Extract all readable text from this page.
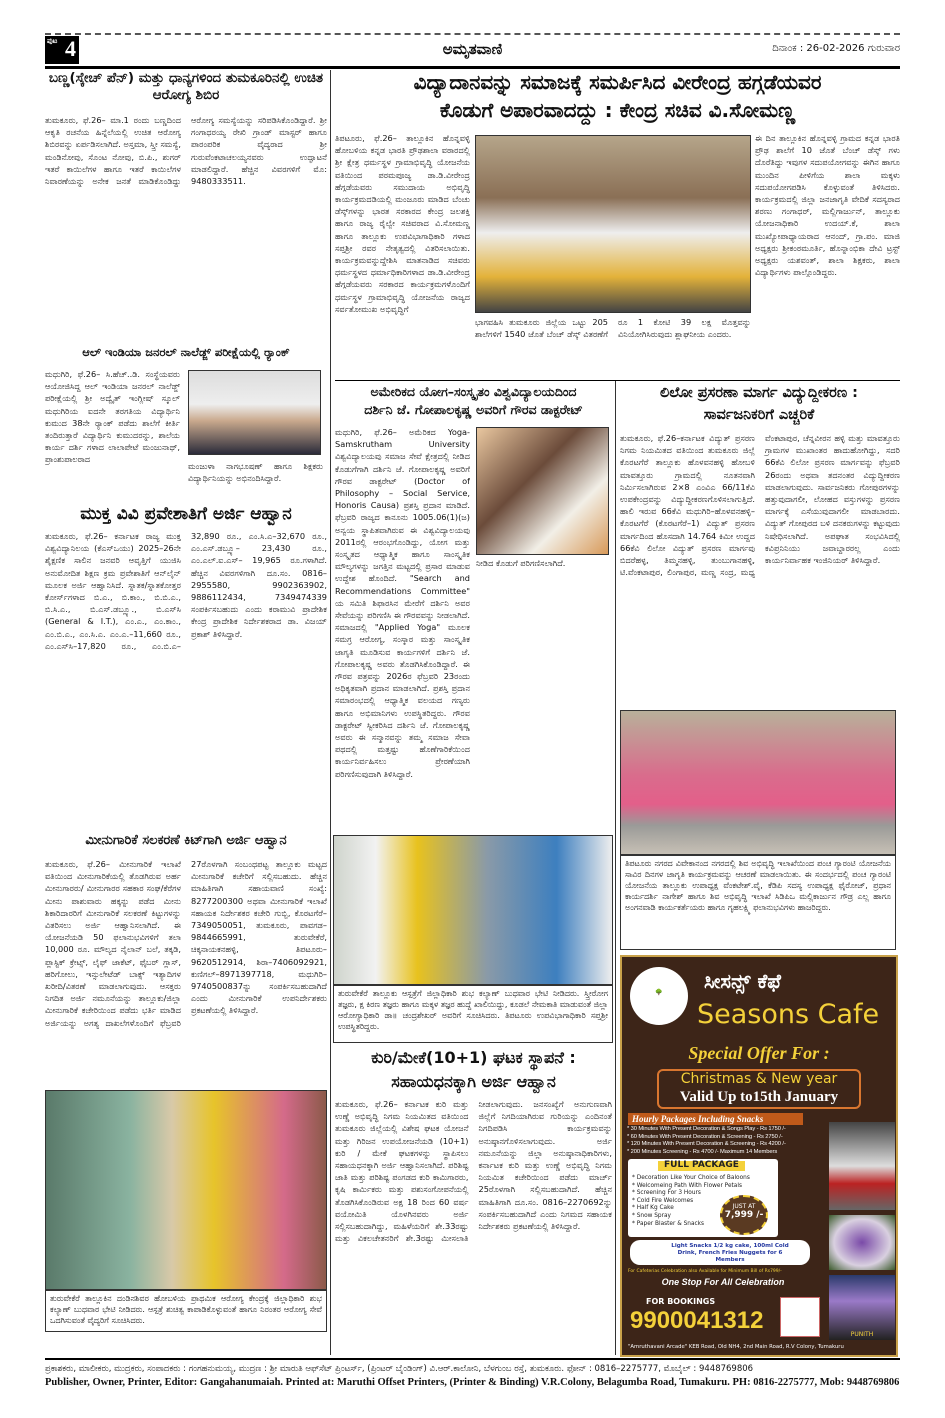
ಪುಟ 4	ಅಮೃತವಾಣಿ	ದಿನಾಂಕ : 26-02-2026 ಗುರುವಾರ
ಬಣ್ಣ(ಸ್ಕೇಚ್ ಪೆನ್) ಮತ್ತು ಧಾನ್ಯಗಳಿಂದ ತುಮಕೂರಿನಲ್ಲಿ ಉಚಿತ ಆರೋಗ್ಯ ಶಿಬಿರ
ತುಮಕೂರು, ಫೆ.26– ಮಾ.1 ರಂದು ಬಣ್ಣದಿಂದ ಆಕೃತಿ ರಚನೆಯ ಹಿನ್ನೆಲೆಯಲ್ಲಿ ಉಚಿತ ಆರೋಗ್ಯ ಶಿಬಿರವನ್ನು ಏರ್ಪಡಿಸಲಾಗಿದೆ. ಅಸ್ತಮಾ, ಸ್ತ್ರೀ ಸಮಸ್ಯೆ, ಮಂಡಿನೋವು, ಸೊಂಟ ನೋವು, ಬಿ.ಪಿ., ಶುಗರ್ ಇತರೆ ಕಾಯಿಲೆಗಳ ಹಾಗೂ ಇತರೆ ಕಾಯಿಲೆಗಳ ನಿವಾರಣೆಯನ್ನು ಅನೇಕ ಜನತೆ ಮಾಡಿಕೊಂಡಿದ್ದು ಆರೋಗ್ಯ ಸಮಸ್ಯೆಯನ್ನು ಸರಿಪಡಿಸಿಕೊಂಡಿದ್ದಾರೆ. ಶ್ರೀ ಗಂಗಾಧರಯ್ಯ ರೇಖಿ ಗ್ರಾಂಡ್ ಮಾಸ್ಟರ್ ಹಾಗೂ ಪಾರಂಪರಿಕ ವೈದ್ಯರಾದ ಶ್ರೀ ಗುರುವೆಂಕಟಾಚಲಯ್ಯನವರು ಉದ್ಘಾಟನೆ ಮಾಡಲಿದ್ದಾರೆ. ಹೆಚ್ಚಿನ ವಿವರಗಳಿಗೆ ಮೊ: 9480333511.
ಆಲ್ ಇಂಡಿಯಾ ಜನರಲ್ ನಾಲೆಡ್ಜ್ ಪರೀಕ್ಷೆಯಲ್ಲಿ ರ್‍ಯಾಂಕ್
ಮಧುಗಿರಿ, ಫೆ.26– ಸಿ.ಹೆಚ್..ಡಿ. ಸಂಸ್ಥೆಯವರು ಆಯೋಜಿಸಿದ್ದ ಆಲ್ ಇಂಡಿಯಾ ಜನರಲ್ ನಾಲೆಡ್ಜ್ ಪರೀಕ್ಷೆಯಲ್ಲಿ ಶ್ರೀ ಅದ್ವೈತ್ ಇಂಗ್ಲೀಷ್ ಸ್ಕೂಲ್ ಮಧುಗಿರಿಯ ಐದನೇ ತರಗತಿಯ ವಿದ್ಯಾರ್ಥಿನಿ ಕುಮುದ 38ನೇ ರ್‍ಯಾಂಕ್ ಪಡೆದು ಶಾಲೆಗೆ ಕೀರ್ತಿ ತಂದಿರುತ್ತಾರೆ ವಿದ್ಯಾರ್ಥಿನಿ ಕುಮುದರನ್ನು, ಶಾಲೆಯ ಕಾರ್ಯ ದರ್ಶಿ ಗಳಾದ ಲಾಲಾಪೇಟೆ ಮಂಜುನಾಥ್, ಪ್ರಾಂಶುಪಾಲರಾದ
ಮಂಜುಳಾ ನಾಗಭೂಷಣ್ ಹಾಗೂ ಶಿಕ್ಷಕರು ವಿದ್ಯಾರ್ಥಿನಿಯನ್ನು ಅಭಿನಂದಿಸಿದ್ದಾರೆ.
ಮುಕ್ತ ವಿವಿ ಪ್ರವೇಶಾತಿಗೆ ಅರ್ಜಿ ಆಹ್ವಾನ
ತುಮಕೂರು, ಫೆ.26– ಕರ್ನಾಟಕ ರಾಜ್ಯ ಮುಕ್ತ ವಿಶ್ವವಿದ್ಯಾನಿಲಯ (ಕೆಎಸ್‌ಒಯು) 2025–26ನೇ ಶೈಕ್ಷಣಿಕ ಸಾಲಿನ ಜನವರಿ ಆವೃತ್ತಿಗೆ ಯುಜಿಸಿ ಅನುಮೋದಿತ ಶಿಕ್ಷಣ ಕ್ರಮ ಪ್ರವೇಶಾತಿಗೆ ಆನ್‌ಲೈನ್ ಮೂಲಕ ಅರ್ಜಿ ಆಹ್ವಾನಿಸಿದೆ. ಸ್ನಾತಕ/ಸ್ನಾತಕೋತ್ತರ ಕೋರ್ಸ್‌ಗಳಾದ ಬಿ.ಎ., ಬಿ.ಕಾಂ., ಬಿ.ಬಿ.ಎ., ಬಿ.ಸಿ.ಎ., ಬಿ.ಎಸ್.ಡಬ್ಲ್ಯೂ., ಬಿ.ಎಸ್‌ಸಿ (General & I.T.), ಎಂ.ಎ., ಎಂ.ಕಾಂ., ಎಂ.ಬಿ.ಎ., ಎಂ.ಸಿ.ಎ. ಎಂ.ಎ.–11,660 ರೂ., ಎಂ.ಎಸ್‌ಸಿ–17,820 ರೂ., ಎಂ.ಬಿ.ಎ–32,890 ರೂ., ಎಂ.ಸಿ.ಎ–32,670 ರೂ., ಎಂ.ಎಸ್.ಡಬ್ಲ್ಯೂ– 23,430 ರೂ., ಎಂ.ಎಲ್.ಐ.ಎಸ್– 19,965 ರೂ.ಗಳಾಗಿದೆ. ಹೆಚ್ಚಿನ ವಿವರಗಳಿಗಾಗಿ ದೂ.ಸಂ. 0816–2955580, 9902363902, 9886112434, 7349474339 ಸಂಪರ್ಕಿಸಬಹುದು ಎಂದು ಕರಾಮುವಿ ಪ್ರಾದೇಶಿಕ ಕೇಂದ್ರ ಪ್ರಾದೇಶಿಕ ನಿರ್ದೇಶಕರಾದ ಡಾ. ವಿಜಯ್ ಪ್ರಕಾಶ್ ತಿಳಿಸಿದ್ದಾರೆ.
ಮೀನುಗಾರಿಕೆ ಸಲಕರಣೆ ಕಿಟ್‌ಗಾಗಿ ಅರ್ಜಿ ಆಹ್ವಾನ
ತುಮಕೂರು, ಫೆ.26– ಮೀನುಗಾರಿಕೆ ಇಲಾಖೆ ವತಿಯಿಂದ ಮೀನುಗಾರಿಕೆಯಲ್ಲಿ ತೊಡಗಿರುವ ಅರ್ಹ ಮೀನುಗಾರರು/ ಮೀನುಗಾರರ ಸಹಕಾರ ಸಂಘ/ಕೆರೆಗಳ ಮೀನು ಪಾಶುವಾರು ಹಕ್ಕನ್ನು ಪಡೆದ ಮೀನು ಶಿಕಾರಿದಾರರಿಗೆ ಮೀನುಗಾರಿಕೆ ಸಲಕರಣೆ ಕಿಟ್ಟುಗಳನ್ನು ವಿತರಿಸಲು ಅರ್ಜಿ ಆಹ್ವಾನಿಸಲಾಗಿದೆ. ಈ ಯೋಜನೆಯಡಿ 50 ಫಲಾನುಭವಿಗಳಿಗೆ ತಲಾ 10,000 ರೂ. ಮೌಲ್ಯದ ನೈಲಾನ್ ಬಲೆ, ತಕ್ಕಡಿ, ಪ್ಲಾಸ್ಟಿಕ್ ಕ್ರೇಟ್ಸ್, ಲೈಫ್ ಜಾಕೆಟ್, ಫೈಬರ್ ಗ್ಲಾಸ್, ಹರಿಗೋಲು, ಇನ್ಸುಲೇಟೆಡ್ ಬಾಕ್ಸ್ ಇತ್ಯಾದಿಗಳ ಖರೀದಿ/ವಿತರಣೆ ಮಾಡಲಾಗುವುದು. ಆಸಕ್ತರು ನಿಗದಿತ ಅರ್ಜಿ ನಮೂನೆಯನ್ನು ತಾಲ್ಲೂಕು/ಜಿಲ್ಲಾ ಮೀನುಗಾರಿಕೆ ಕಚೇರಿಯಿಂದ ಪಡೆದು ಭರ್ತಿ ಮಾಡಿದ ಅರ್ಜಿಯನ್ನು ಅಗತ್ಯ ದಾಖಲೆಗಳೊಂದಿಗೆ ಫೆಬ್ರವರಿ 27ರೊಳಗಾಗಿ ಸಂಬಂಧಪಟ್ಟ ತಾಲ್ಲೂಕು ಮಟ್ಟದ ಮೀನುಗಾರಿಕೆ ಕಚೇರಿಗೆ ಸಲ್ಲಿಸಬಹುದು. ಹೆಚ್ಚಿನ ಮಾಹಿತಿಗಾಗಿ ಸಹಾಯವಾಣಿ ಸಂಖ್ಯೆ: 8277200300 ಅಥವಾ ಮೀನುಗಾರಿಕೆ ಇಲಾಖೆ ಸಹಾಯಕ ನಿರ್ದೇಶಕರ ಕಚೇರಿ ಗುಬ್ಬಿ, ಕೊರಟಗೆರೆ–7349050051, ತುಮಕೂರು, ಪಾವಗಡ–9844665991, ತುರುವೇಕೆರೆ, ಚಿಕ್ಕನಾಯಕನಹಳ್ಳಿ, ತಿಪಟೂರು–9620512914, ಶಿರಾ–7406092921, ಕುಣಿಗಲ್–8971397718, ಮಧುಗಿರಿ–9740500837ನ್ನು ಸಂಪರ್ಕಿಸಬಹುದಾಗಿದೆ ಎಂದು ಮೀನುಗಾರಿಕೆ ಉಪನಿರ್ದೇಶಕರು ಪ್ರಕಟಣೆಯಲ್ಲಿ ತಿಳಿಸಿದ್ದಾರೆ.
ತುರುವೇಕೆರೆ ತಾಲ್ಲೂಕಿನ ದಂಡಿನಶಿವರ ಹೋಬಳಿಯ ಪ್ರಾಥಮಿಕ ಆರೋಗ್ಯ ಕೇಂದ್ರಕ್ಕೆ ಜಿಲ್ಲಾಧಿಕಾರಿ ಶುಭ ಕಲ್ಯಾಣ್ ಬುಧವಾರ ಭೇಟಿ ನೀಡಿದರು. ಆಸ್ಪತ್ರೆ ಶುಚಿತ್ವ ಕಾಪಾಡಿಕೊಳ್ಳುವಂತೆ ಹಾಗೂ ನಿರಂತರ ಆರೋಗ್ಯ ಸೇವೆ ಒದಗಿಸುವಂತೆ ವೈದ್ಯರಿಗೆ ಸೂಚಿಸಿದರು.
ವಿದ್ಯಾದಾನವನ್ನು ಸಮಾಜಕ್ಕೆ ಸಮರ್ಪಿಸಿದ ವೀರೇಂದ್ರ ಹಗ್ಗಡೆಯವರ
ಕೊಡುಗೆ ಅಪಾರವಾದದ್ದು : ಕೇಂದ್ರ ಸಚಿವ ವಿ.ಸೋಮಣ್ಣ
ತಿಪಟೂರು, ಫೆ.26– ತಾಲ್ಲೂಕಿನ ಹೊನ್ನವಳ್ಳಿ ಹೋಬಳಿಯ ಕನ್ನಡ ಭಾರತಿ ಪ್ರೌಢಶಾಲಾ ವಠಾರದಲ್ಲಿ ಶ್ರೀ ಕ್ಷೇತ್ರ ಧರ್ಮಸ್ಥಳ ಗ್ರಾಮಾಭಿವೃದ್ಧಿ ಯೋಜನೆಯ ವತಿಯಿಂದ ಪರಮಪೂಜ್ಯ ಡಾ.ಡಿ.ವೀರೇಂದ್ರ ಹೆಗ್ಗಡೆಯವರು ಸಮುದಾಯ ಅಭಿವೃದ್ಧಿ ಕಾರ್ಯಕ್ರಮದಡಿಯಲ್ಲಿ ಮಂಜೂರು ಮಾಡಿದ ಬೆಂಚು ಡೆಸ್ಕ್‌ಗಳನ್ನು ಭಾರತ ಸರಕಾರದ ಕೇಂದ್ರ ಜಲಶಕ್ತಿ ಹಾಗೂ ರಾಜ್ಯ ರೈಲ್ವೇ ಸಚಿವರಾದ ವಿ.ಸೋಮಣ್ಣ ಹಾಗೂ ತಾಲ್ಲೂಕು ಉಪವಿಭಾಗಾಧಿಕಾರಿ ಗಳಾದ ಸಪ್ತಶ್ರೀ ರವರ ನೇತೃತ್ವದಲ್ಲಿ ವಿತರಿಸಲಾಯಿತು. ಕಾರ್ಯಕ್ರಮವನ್ನುದ್ದೇಶಿಸಿ ಮಾತನಾಡಿದ ಸಚಿವರು ಧರ್ಮಸ್ಥಳದ ಧರ್ಮಾಧಿಕಾರಿಗಳಾದ ಡಾ.ಡಿ.ವೀರೇಂದ್ರ ಹೆಗ್ಗಡೆಯವರು ಸರಕಾರದ ಕಾರ್ಯಕ್ರಮಗಳೊಂದಿಗೆ ಧರ್ಮಸ್ಥಳ ಗ್ರಾಮಾಭಿವೃದ್ಧಿ ಯೋಜನೆಯ ರಾಜ್ಯದ ಸರ್ವತೋಮುಖ ಅಭಿವೃದ್ಧಿಗೆ
ಭಾಗವಹಿಸಿ ತುಮಕೂರು ಜಿಲ್ಲೆಯ ಒಟ್ಟು 205 ಶಾಲೆಗಳಿಗೆ 1540 ಜೊತೆ ಬೆಂಚ್ ಡೆಸ್ಕ್ ವಿತರಣೆಗೆ ರೂ 1 ಕೋಟಿ 39 ಲಕ್ಷ ಮೊತ್ತವನ್ನು ವಿನಿಯೋಗಿಸಿರುವುದು ಶ್ಲಾಘನೀಯ ಎಂದರು.
ಈ ದಿನ ತಾಲ್ಲೂಕಿನ ಹೊನ್ನವಳ್ಳಿ ಗ್ರಾಮದ ಕನ್ನಡ ಭಾರತಿ ಪ್ರೌಢ ಶಾಲೆಗೆ 10 ಜೊತೆ ಬೆಂಚ್ ಡೆಸ್ಕ್ ಗಳು ದೊರೆತಿದ್ದು ಇವುಗಳ ಸದುಪಯೋಗವನ್ನು ಈಗಿನ ಹಾಗೂ ಮುಂದಿನ ಪೀಳಿಗೆಯ ಶಾಲಾ ಮಕ್ಕಳು ಸದುಪಯೋಗಪಡಿಸಿ ಕೊಳ್ಳುವಂತೆ ತಿಳಿಸಿದರು. ಕಾರ್ಯಕ್ರಮದಲ್ಲಿ ಜಿಲ್ಲಾ ಜನಜಾಗೃತಿ ವೇದಿಕೆ ಸದಸ್ಯರಾದ ಶರಣು ಗಂಗಾಧರ್, ಮಲ್ಲಿಗಾರ್ಜುನ್, ತಾಲ್ಲೂಕು ಯೋಜನಾಧಿಕಾರಿ ಉದಯ್.ಕೆ, ಶಾಲಾ ಮುಖ್ಯೋಪಾಧ್ಯಾಯರಾದ ಆನಂದ್, ಗ್ರಾ.ಪಂ. ಮಾಜಿ ಅಧ್ಯಕ್ಷರು ಶ್ರೀಕಂಠಮೂರ್ತಿ, ಹೊನ್ನಾಂಭಿಕಾ ದೇವಿ ಟ್ರಸ್ಟ್ ಅಧ್ಯಕ್ಷರು ಯಶವಂತ್, ಶಾಲಾ ಶಿಕ್ಷಕರು, ಶಾಲಾ ವಿದ್ಯಾರ್ಥಿಗಳು ಪಾಲ್ಗೊಂಡಿದ್ದರು.
ಅಮೇರಿಕದ ಯೋಗ–ಸಂಸ್ಕೃತಂ ವಿಶ್ವವಿದ್ಯಾಲಯದಿಂದ
ದರ್ಶಿನಿ ಜೆ. ಗೋಪಾಲಕೃಷ್ಣ ಅವರಿಗೆ ಗೌರವ ಡಾಕ್ಟರೇಟ್
ಮಧುಗಿರಿ, ಫೆ.26– ಅಮೆರಿಕದ Yoga-Samskrutham University ವಿಶ್ವವಿದ್ಯಾಲಯವು ಸಮಾಜ ಸೇವೆ ಕ್ಷೇತ್ರದಲ್ಲಿ ನೀಡಿದ ಕೊಡುಗೆಗಾಗಿ ದರ್ಶಿನಿ ಜೆ. ಗೋಪಾಲಕೃಷ್ಣ ಅವರಿಗೆ ಗೌರವ ಡಾಕ್ಟರೇಟ್ (Doctor of Philosophy – Social Service, Honoris Causa) ಪ್ರಶಸ್ತಿ ಪ್ರದಾನ ಮಾಡಿದೆ. ಫೆಬ್ರವರಿ ರಾಜ್ಯದ ಕಾನೂನು 1005.06(1)(ಜ) ಅನ್ವಯ ಸ್ಥಾಪಿತವಾಗಿರುವ ಈ ವಿಶ್ವವಿದ್ಯಾಲಯವು 2011ರಲ್ಲಿ ಆರಂಭಗೊಂಡಿದ್ದು, ಯೋಗ ಮತ್ತು ಸಂಸ್ಕೃತದ ಆಧ್ಯಾತ್ಮಿಕ ಹಾಗೂ ಸಾಂಸ್ಕೃತಿಕ ಮೌಲ್ಯಗಳನ್ನು ಜಗತ್ತಿನ ಮಟ್ಟದಲ್ಲಿ ಪ್ರಸಾರ ಮಾಡುವ ಉದ್ದೇಶ ಹೊಂದಿದೆ. "Search and Recommendations Committee" ಯ ಸಮಿತಿ ಶಿಫಾರಸಿನ ಮೇರೆಗೆ ದರ್ಶಿನಿ ಅವರ ಸೇವೆಯನ್ನು ಪರಿಗಣಿಸಿ ಈ ಗೌರವವನ್ನು ನೀಡಲಾಗಿದೆ. ಸಮಾಜದಲ್ಲಿ "Applied Yoga" ಮೂಲಕ ಸಮಗ್ರ ಆರೋಗ್ಯ, ಸಂಸ್ಕಾರ ಮತ್ತು ಸಾಂಸ್ಕೃತಿಕ ಜಾಗೃತಿ ಮೂಡಿಸುವ ಕಾರ್ಯಗಳಿಗೆ ದರ್ಶಿನಿ ಜೆ. ಗೋಪಾಲಕೃಷ್ಣ ಅವರು ತೊಡಗಿಸಿಕೊಂಡಿದ್ದಾರೆ. ಈ ಗೌರವ ಪತ್ರವನ್ನು 2026ರ ಫೆಬ್ರವರಿ 23ರಂದು ಅಧಿಕೃತವಾಗಿ ಪ್ರದಾನ ಮಾಡಲಾಗಿದೆ. ಪ್ರಶಸ್ತಿ ಪ್ರದಾನ ಸಮಾರಂಭದಲ್ಲಿ ಆಧ್ಯಾತ್ಮಿಕ ವಲಯದ ಗಣ್ಯರು ಹಾಗೂ ಅಭಿಮಾನಿಗಳು ಉಪಸ್ಥಿತರಿದ್ದರು. ಗೌರವ ಡಾಕ್ಟರೇಟ್ ಸ್ವೀಕರಿಸಿದ ದರ್ಶಿನಿ ಜೆ. ಗೋಪಾಲಕೃಷ್ಣ ಅವರು ಈ ಸನ್ಮಾನವನ್ನು ತಮ್ಮ ಸಮಾಜ ಸೇವಾ ಪಥದಲ್ಲಿ ಮತ್ತಷ್ಟು ಹೊಣೆಗಾರಿಕೆಯಿಂದ ಕಾರ್ಯನಿರ್ವಹಿಸಲು ಪ್ರೇರಣೆಯಾಗಿ ಪರಿಗಣಿಸುವುದಾಗಿ ತಿಳಿಸಿದ್ದಾರೆ.
ನೀಡಿದ ಕೊಡುಗೆ ಪರಿಗಣಿಸಲಾಗಿದೆ.
ತುರುವೇಕೆರೆ ತಾಲ್ಲೂಕು ಆಸ್ಪತ್ರೆಗೆ ಜಿಲ್ಲಾಧಿಕಾರಿ ಶುಭ ಕಲ್ಯಾಣ್ ಬುಧವಾರ ಭೇಟಿ ನೀಡಿದರು. ಸ್ತ್ರೀರೋಗ ತಜ್ಞರು, ಕ್ಷ ಕಿರಣ ತಜ್ಞರು ಹಾಗೂ ಮಕ್ಕಳ ತಜ್ಞರ ಹುದ್ದೆ ಖಾಲಿಯಿದ್ದು, ಕೂಡಲೆ ನೇಮಕಾತಿ ಮಾಡುವಂತೆ ಜಿಲ್ಲಾ ಆರೋಗ್ಯಾಧಿಕಾರಿ ಡಾ॥ ಚಂದ್ರಶೇಖರ್ ಅವರಿಗೆ ಸೂಚಿಸಿದರು. ತಿಪಟೂರು ಉಪವಿಭಾಗಾಧಿಕಾರಿ ಸಪ್ತಶ್ರೀ ಉಪಸ್ಥಿತರಿದ್ದರು.
ಕುರಿ/ಮೇಕೆ(10+1) ಘಟಕ ಸ್ಥಾಪನೆ :
ಸಹಾಯಧನಕ್ಕಾಗಿ ಅರ್ಜಿ ಆಹ್ವಾನ
ತುಮಕೂರು, ಫೆ.26– ಕರ್ನಾಟಕ ಕುರಿ ಮತ್ತು ಉಣ್ಣೆ ಅಭಿವೃದ್ಧಿ ನಿಗಮ ನಿಯಮಿತದ ವತಿಯಿಂದ ತುಮಕೂರು ಜಿಲ್ಲೆಯಲ್ಲಿ ವಿಶೇಷ ಘಟಕ ಯೋಜನೆ ಮತ್ತು ಗಿರಿಜನ ಉಪಯೋಜನೆಯಡಿ (10+1) ಕುರಿ / ಮೇಕೆ ಘಟಕಗಳನ್ನು ಸ್ಥಾಪಿಸಲು ಸಹಾಯಧನಕ್ಕಾಗಿ ಅರ್ಜಿ ಆಹ್ವಾನಿಸಲಾಗಿದೆ. ಪರಿಶಿಷ್ಟ ಜಾತಿ ಮತ್ತು ಪರಿಶಿಷ್ಟ ಪಂಗಡದ ಕುರಿ ಕಾಮಿಗಾರರು, ಕೃಷಿ ಕಾರ್ಮಿಕರು ಮತ್ತು ಪಶುಸಂಗೋಪನೆಯಲ್ಲಿ ತೊಡಗಿಸಿಕೊಂಡಿರುವ ಅಕ್ಷ 18 ರಿಂದ 60 ವರ್ಷ ವಯೋಮಿತಿ ಯೊಳಗಿನವರು ಅರ್ಜಿ ಸಲ್ಲಿಸಬಹುದಾಗಿದ್ದು, ಮಹಿಳೆಯರಿಗೆ ಶೇ.33ರಷ್ಟು ಮತ್ತು ವಿಕಲಚೇತನರಿಗೆ ಶೇ.3ರಷ್ಟು ಮೀಸಲಾತಿ ನೀಡಲಾಗುವುದು. ಜನಸಂಖ್ಯೆಗೆ ಅನುಗುಣವಾಗಿ ಜಿಲ್ಲೆಗೆ ನಿಗದಿಯಾಗಿರುವ ಗುರಿಯನ್ನು ಎಂದಿನಂತೆ ನಿಗದಿಪಡಿಸಿ ಕಾರ್ಯಕ್ರಮವನ್ನು ಅನುಷ್ಠಾನಗೊಳಿಸಲಾಗುವುದು. ಅರ್ಜಿ ನಮೂನೆಯನ್ನು ಜಿಲ್ಲಾ ಅನುಷ್ಠಾನಾಧಿಕಾರಿಗಳು, ಕರ್ನಾಟಕ ಕುರಿ ಮತ್ತು ಉಣ್ಣೆ ಅಭಿವೃದ್ಧಿ ನಿಗಮ ನಿಯಮಿತ ಕಚೇರಿಯಿಂದ ಪಡೆದು ಮಾರ್ಚ್ 25ರೊಳಗಾಗಿ ಸಲ್ಲಿಸಬಹುದಾಗಿದೆ. ಹೆಚ್ಚಿನ ಮಾಹಿತಿಗಾಗಿ ದೂ.ಸಂ. 0816–2270692ನ್ನು ಸಂಪರ್ಕಿಸಬಹುದಾಗಿದೆ ಎಂದು ನಿಗಮದ ಸಹಾಯಕ ನಿರ್ದೇಶಕರು ಪ್ರಕಟಣೆಯಲ್ಲಿ ತಿಳಿಸಿದ್ದಾರೆ.
ಲಿಲೋ ಪ್ರಸರಣಾ ಮಾರ್ಗ ವಿದ್ಯುದ್ದೀಕರಣ :
ಸಾರ್ವಜನಿಕರಿಗೆ ಎಚ್ಚರಿಕೆ
ತುಮಕೂರು, ಫೆ.26–ಕರ್ನಾಟಕ ವಿದ್ಯುತ್ ಪ್ರಸರಣ ನಿಗಮ ನಿಯಮಿತದ ವತಿಯಿಂದ ತುಮಕೂರು ಜಿಲ್ಲೆ ಕೊರಟಗೆರೆ ತಾಲ್ಲೂಕು ಹೊಳವನಹಳ್ಳಿ ಹೋಬಳಿ ಮಾವತ್ತೂರು ಗ್ರಾಮದಲ್ಲಿ ನೂತನವಾಗಿ ನಿರ್ಮಿಸಲಾಗಿರುವ 2×8 ಎಂವಿಎ 66/11ಕೆವಿ ಉಪಕೇಂದ್ರವನ್ನು ವಿದ್ಯುದ್ದೀಕರಣಗೊಳಿಸಲಾಗುತ್ತಿದೆ. ಹಾಲಿ ಇರುವ 66ಕೆವಿ ಮಧುಗಿರಿ–ಹೊಳವನಹಳ್ಳಿ–ಕೊರಟಗೆರೆ (ಕೊರಟಗೆರೆ–1) ವಿದ್ಯುತ್ ಪ್ರಸರಣ ಮಾರ್ಗದಿಂದ ಹೊಸದಾಗಿ 14.764 ಕಿಮೀ ಉದ್ದದ 66ಕೆವಿ ಲಿಲೋ ವಿದ್ಯುತ್ ಪ್ರಸರಣ ಮಾರ್ಗವು ಬಿದರೆಹಳ್ಳ, ತಿಮ್ಮನಹಳ್ಳಿ, ತುಂಬುಗಾನಹಳ್ಳಿ, ಟಿ.ವೆಂಕಟಾಪುರ, ಲಿಂಗಾಪುರ, ಮಣ್ಣ ಸಂದ್ರ, ಮಧ್ಯ ವೆಂಕಟಾಪುರ, ಚೆನ್ನವೀರನ ಹಳ್ಳಿ ಮತ್ತು ಮಾವತ್ತೂರು ಗ್ರಾಮಗಳ ಮುಖಾಂತರ ಹಾದುಹೋಗಿದ್ದು, ಸದರಿ 66ಕೆವಿ ಲಿಲೋ ಪ್ರಸರಣ ಮಾರ್ಗವನ್ನು ಫೆಬ್ರವರಿ 26ರಂದು ಅಥವಾ ತದನಂತರ ವಿದ್ಯುದ್ದೀಕರಣ ಮಾಡಲಾಗುವುದು. ಸಾರ್ವಜನಿಕರು ಗೋಪುರಗಳನ್ನು ಹತ್ತುವುದಾಗಲೀ, ಲೋಹದ ವಸ್ತುಗಳನ್ನು ಪ್ರಸರಣ ಮಾರ್ಗಕ್ಕೆ ಎಸೆಯುವುದಾಗಲೀ ಮಾಡಬಾರದು. ವಿದ್ಯುತ್ ಗೋಪುರದ ಬಳಿ ದನಕರುಗಳನ್ನು ಕಟ್ಟುವುದು ನಿಷೇಧಿಸಲಾಗಿದೆ. ಅಪಘಾತ ಸಂಭವಿಸಿದಲ್ಲಿ ಕವಿಪ್ರನಿನಿಯು ಜವಾಬ್ದಾರರಲ್ಲ ಎಂದು ಕಾರ್ಯನಿರ್ವಾಹಕ ಇಂಜಿನಿಯರ್ ತಿಳಿಸಿದ್ದಾರೆ.
ತಿಪಟೂರು ನಗರದ ವಿವೇಕಾನಂದ ನಗರದಲ್ಲಿ ಶಿವ ಅಭಿವೃದ್ಧಿ ಇಲಾಖೆಯಿಂದ ಪಂಚ ಗ್ಯಾರಂಟಿ ಯೋಜನೆಯ ಸಾವಿರ ದಿನಗಳ ಜಾಗೃತಿ ಕಾರ್ಯಕ್ರಮವನ್ನು ಆಚರಣೆ ಮಾಡಲಾಯಿತು. ಈ ಸಂದರ್ಭದಲ್ಲಿ ಪಂಚ ಗ್ಯಾರಂಟಿ ಯೋಜನೆಯ ತಾಲ್ಲೂಕು ಉಪಾಧ್ಯಕ್ಷ ವೆಂಕಟೇಶ್.ವೈ, ಕೆಡಿಪಿ ಸದಸ್ಯ ಉಪಾಧ್ಯಕ್ಷ ಫೈರೋಜ್, ಪ್ರಧಾನ ಕಾರ್ಯದರ್ಶಿ ನಾಗೇಶ್ ಹಾಗೂ ಶಿವ ಅಭಿವೃದ್ಧಿ ಇಲಾಖೆ ಸಿಡಿಪಿಒ ಮಲ್ಲಿಕಾರ್ಜುನ ಗೌಡ್ರ ಎಲ್ಲ ಹಾಗೂ ಅಂಗನವಾಡಿ ಕಾರ್ಯಕರ್ತೆಯರು ಹಾಗೂ ಗೃಹಲಕ್ಷ್ಮಿ ಫಲಾನುಭವಿಗಳು ಹಾಜರಿದ್ದರು.
🌳	ಸೀಸನ್ಸ್ ಕೆಫೆ
Seasons Cafe
Special Offer For :
Christmas & New year
Valid Up to15th January
Hourly Packages Including Snacks
* 30 Minutes With Present Decoration & Songs Play - Rs 1750 /-
* 60 Minutes With Present Decoration & Screening - Rs 2750 /-
* 120 Minutes With Present Decoration & Screening - Rs 4200 /-
* 200 Minutes Screening - Rs 4700 /- Maximum 14 Members
FULL PACKAGE
* Decoration Like Your Choice of Baloons
* Welcomeing Path With Flower Petals
* Screening For 3 Hours
* Cold Fire Welcomes
* Half Kg Cake
* Snow Spray
* Paper Blaster & Snacks
JUST AT
7,999 /-
Light Snacks 1/2 kg cake, 100ml Cold Drink, French Fries Nuggets for 6 Members
For Cafeterias Celebration also Available for Minimum Bill of Rs799/-
One Stop For All Celebration
FOR BOOKINGS
9900041312
PUNITH
"Amruthavani Arcade" KEB Road, Old NH4, 2nd Main Road, R.V Colony, Tumakuru
ಪ್ರಕಾಶಕರು, ಮಾಲೀಕರು, ಮುದ್ರಕರು, ಸಂಪಾದಕರು : ಗಂಗಹನುಮಯ್ಯ, ಮುದ್ರಣ : ಶ್ರೀ ಮಾರುತಿ ಆಫ್‌ಸೆಟ್ ಪ್ರಿಂಟರ್ಸ್, (ಪ್ರಿಂಟರ್ ಬೈಂಡಿಂಗ್) ವಿ.ಆರ್.ಕಾಲೋನಿ, ಬೆಳಗುಂಬ ರಸ್ತೆ, ತುಮಕೂರು. ಫೋನ್ : 0816–2275777, ಮೊಬೈಲ್ : 9448769806
Publisher, Owner, Printer, Editor: Gangahanumaiah. Printed at: Maruthi Offset Printers, (Printer & Binding) V.R.Colony, Belagumba Road, Tumakuru. PH: 0816-2275777, Mob: 9448769806
